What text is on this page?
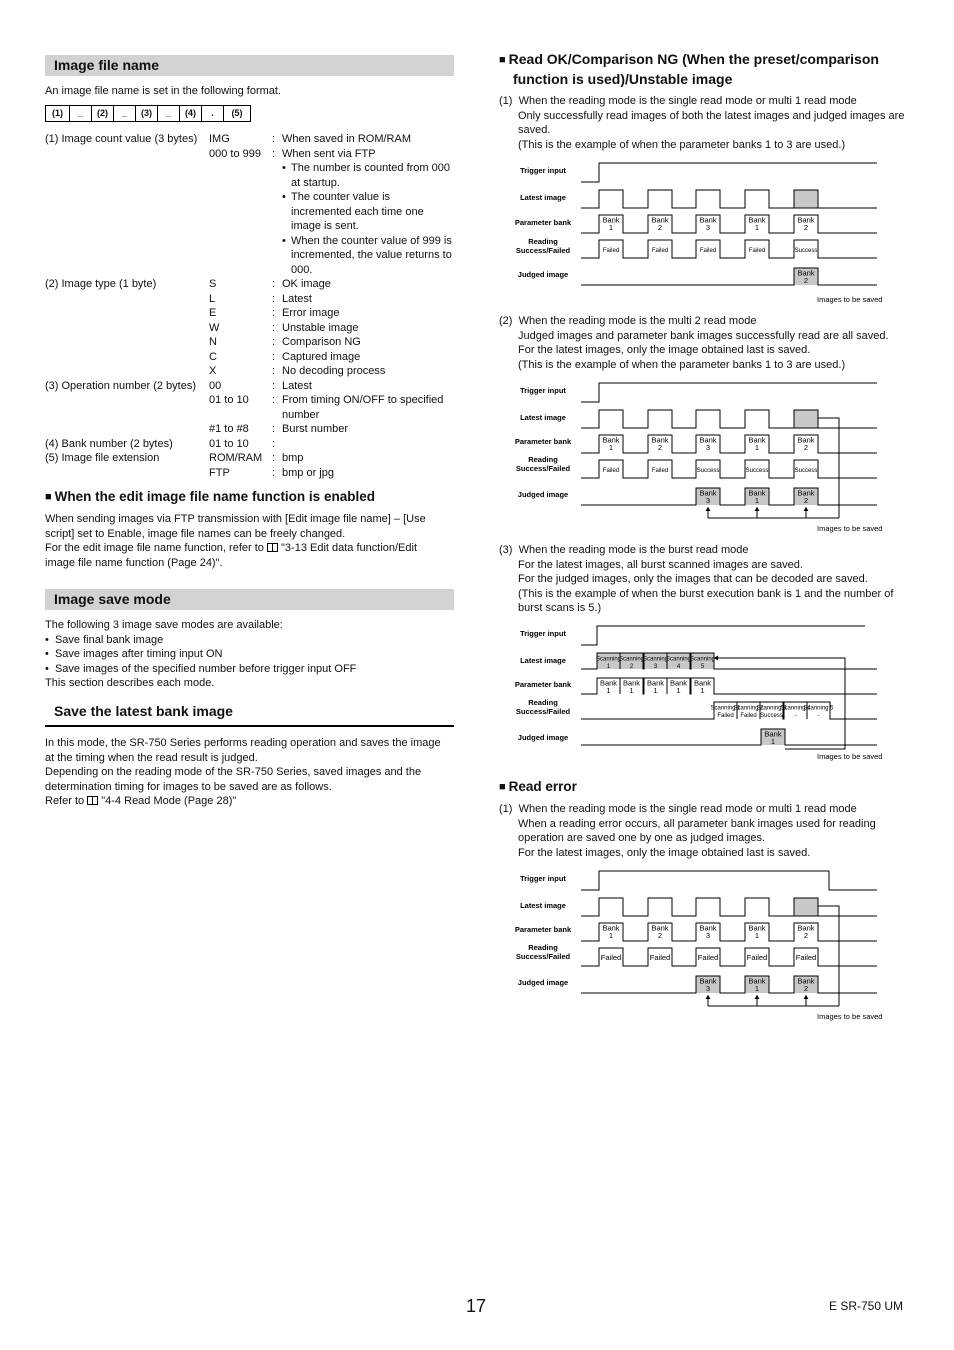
Image file name
An image file name is set in the following format.
(1)	_	(2)	_	(3)	_	(4)	.	(5)
(1) Image count value (3 bytes) IMG	: When saved in ROM/RAM
000 to 999 : When sent via FTP
• The number is counted from 000
at startup.
• The counter value is
incremented each time one
image is sent.
• When the counter value of 999 is
incremented, the value returns to
000.
(2) Image type (1 byte)	S	: OK image
L	: Latest
E	: Error image
W	: Unstable image
N	: Comparison NG
C	: Captured image
X	: No decoding process
(3) Operation number (2 bytes) 00	: Latest
01 to 10 : From timing ON/OFF to specified
number
#1 to #8 : Burst number
(4) Bank number (2 bytes)	01 to 10 :
(5) Image file extension	ROM/RAM : bmp
FTP	: bmp or jpg
■ When the edit image file name function is enabled
When sending images via FTP transmission with [Edit image file name] – [Use
script] set to Enable, image file names can be freely changed.
For the edit image file name function, refer to "3-13 Edit data function/Edit
image file name function (Page 24)".
Image save mode
The following 3 image save modes are available:
•  Save final bank image
•  Save images after timing input ON
•  Save images of the specified number before trigger input OFF
This section describes each mode.
Save the latest bank image
In this mode, the SR-750 Series performs reading operation and saves the image
at the timing when the read result is judged.
Depending on the reading mode of the SR-750 Series, saved images and the
determination timing for images to be saved are as follows.
Refer to "4-4 Read Mode (Page 28)"
■ Read OK/Comparison NG (When the preset/comparison
function is used)/Unstable image
(1) When the reading mode is the single read mode or multi 1 read mode
Only successfully read images of both the latest images and judged images are
saved.
(This is the example of when the parameter banks 1 to 3 are used.)
Trigger input
Latest image
Parameter bank
Reading
Success/Failed
Judged image
Bank
1
Bank
2
Bank
3
Bank
1
Bank
2
Failed	Failed	Failed	Failed	Success
Bank
2
Images to be saved
(2) When the reading mode is the multi 2 read mode
Judged images and parameter bank images successfully read are all saved.
For the latest images, only the image obtained last is saved.
(This is the example of when the parameter banks 1 to 3 are used.)
Trigger input
Latest image
Parameter bank
Reading
Success/Failed
Judged image
Bank
1
Bank
2
Bank
3
Bank
1
Bank
2
Failed	Failed	Success	Success	Success
Bank
3
Bank
1
Bank
2
Images to be saved
(3) When the reading mode is the burst read mode
For the latest images, all burst scanned images are saved.
For the judged images, only the images that can be decoded are saved.
(This is the example of when the burst execution bank is 1 and the number of
burst scans is 5.)
Trigger input
Latest image
Parameter bank
Reading
Success/Failed
Judged image
Scanning
1
Scanning
2
Scanning
3
Scanning
4
Scanning
5
Bank
1
Bank
1
Bank
1
Bank
1
Bank
1
Scanning 1
Failed
Scanning 2
Failed
Scanning 3
Success
Scanning 4
-
Scanning 5
-
Bank
1
Images to be saved
■ Read error
(1) When the reading mode is the single read mode or multi 1 read mode
When a reading error occurs, all parameter bank images used for reading
operation are saved one by one as judged images.
For the latest images, only the image obtained last is saved.
Trigger input
Latest image
Parameter bank
Reading
Success/Failed
Judged image
Bank
1
Bank
2
Bank
3
Bank
1
Bank
2
Failed	Failed	Failed	Failed	Failed
Bank
3
Bank
1
Bank
2
Images to be saved
17	E SR-750 UM
